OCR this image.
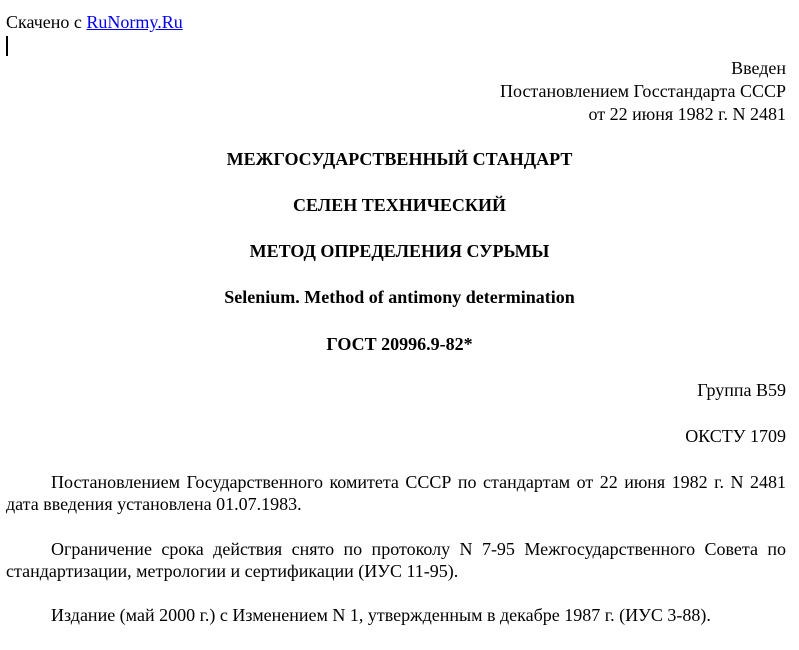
Скачено с RuNormy.Ru
Введен
Постановлением Госстандарта СССР
от 22 июня 1982 г. N 2481
МЕЖГОСУДАРСТВЕННЫЙ СТАНДАРТ
СЕЛЕН ТЕХНИЧЕСКИЙ
МЕТОД ОПРЕДЕЛЕНИЯ СУРЬМЫ
Selenium. Method of antimony determination
ГОСТ 20996.9-82*
Группа В59
ОКСТУ 1709
Постановлением Государственного комитета СССР по стандартам от 22 июня 1982 г. N 2481 дата введения установлена 01.07.1983.
Ограничение срока действия снято по протоколу N 7-95 Межгосударственного Совета по стандартизации, метрологии и сертификации (ИУС 11-95).
Издание (май 2000 г.) с Изменением N 1, утвержденным в декабре 1987 г. (ИУС 3-88).
